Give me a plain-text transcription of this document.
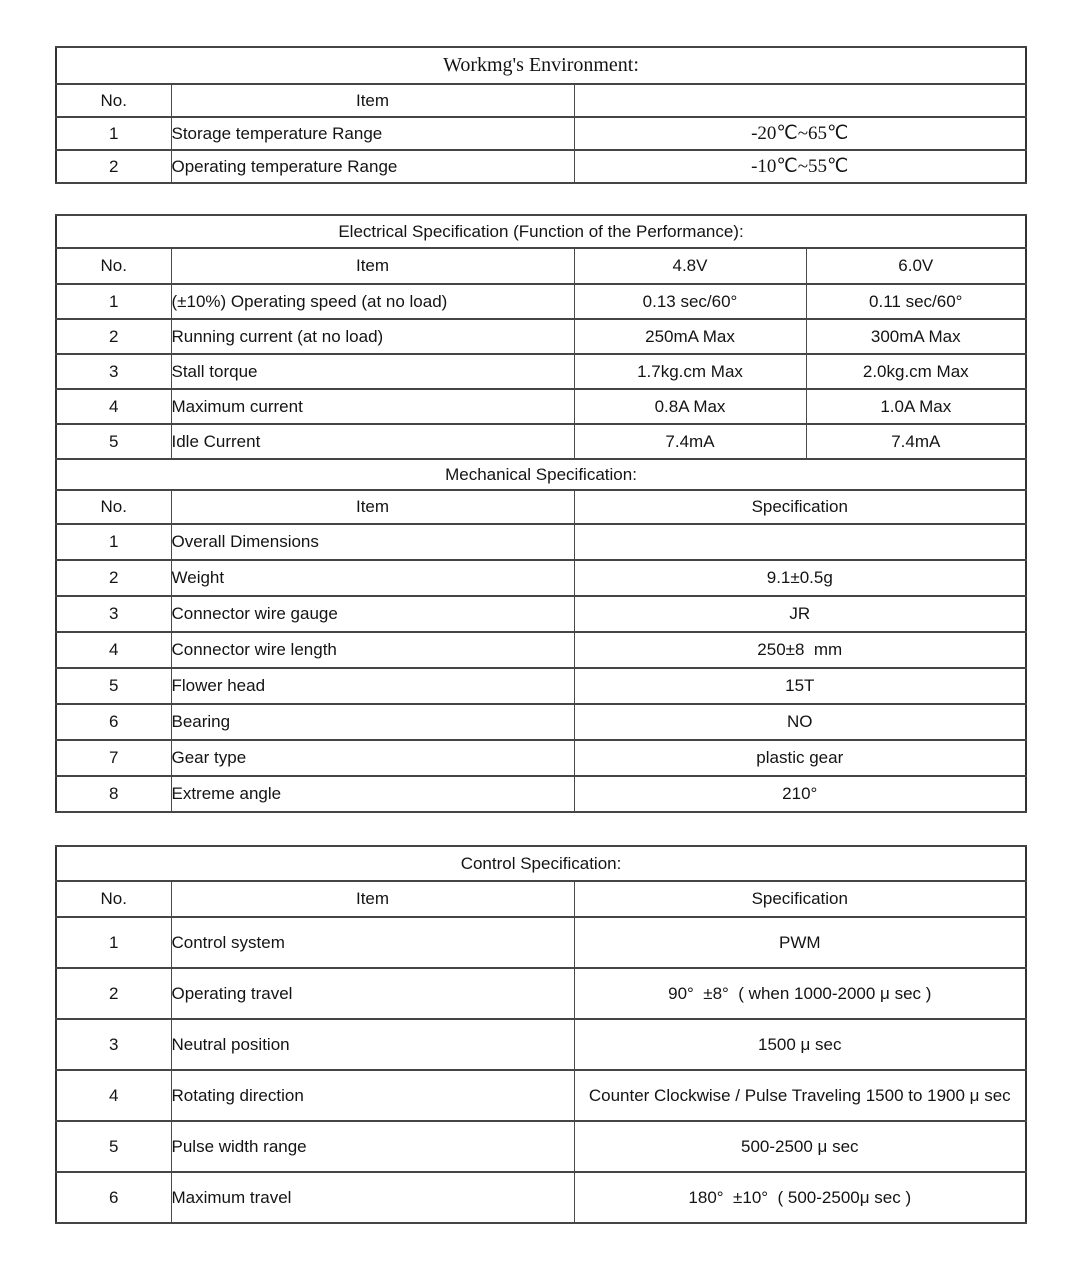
Workmg's Environment:		
No.	Item	
1	Storage temperature Range	-20℃~65℃
2	Operating temperature Range	-10℃~55℃
Electrical Specification (Function of the Performance):			
No.	Item	4.8V	6.0V
1	(±10%) Operating speed (at no load)	0.13 sec/60°	0.11 sec/60°
2	Running current (at no load)	250mA Max	300mA Max
3	Stall torque	1.7kg.cm Max	2.0kg.cm Max
4	Maximum current	0.8A Max	1.0A Max
5	Idle Current	7.4mA	7.4mA
Mechanical Specification:			
No.	Item	Specification	
1	Overall Dimensions		
2	Weight	9.1±0.5g	
3	Connector wire gauge	JR	
4	Connector wire length	250±8  mm	
5	Flower head	15T	
6	Bearing	NO	
7	Gear type	plastic gear	
8	Extreme angle	210°	
Control Specification:		
No.	Item	Specification
1	Control system	PWM
2	Operating travel	90°  ±8°  ( when 1000-2000 μ sec )
3	Neutral position	1500 μ sec
4	Rotating direction	Counter Clockwise / Pulse Traveling 1500 to 1900 μ sec
5	Pulse width range	500-2500 μ sec
6	Maximum travel	180°  ±10°  ( 500-2500μ sec )
